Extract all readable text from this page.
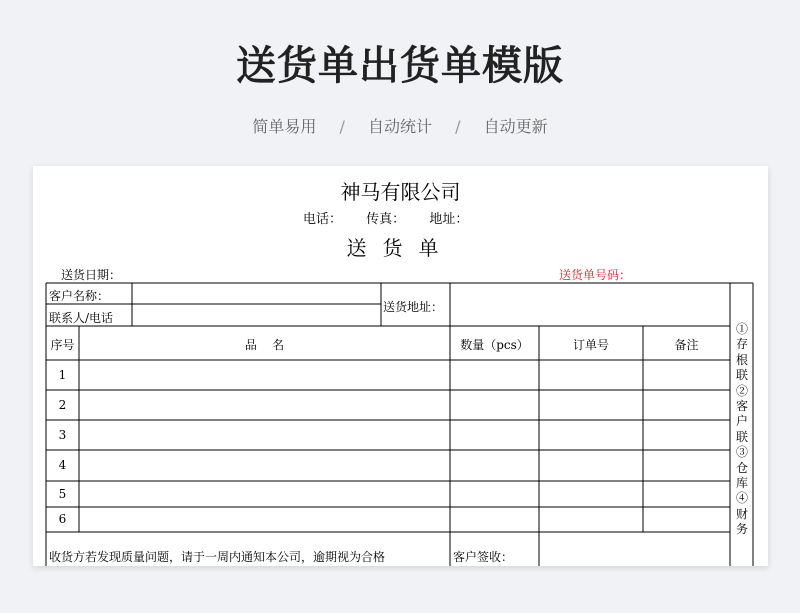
送货单出货单模版
简单易用 / 自动统计 / 自动更新
神马有限公司
电话： 传真： 地址：
送货单
送货日期：	送货单号码：
客户名称：
联系人/电话
送货地址：
序号	品    名	数量（pcs）	订单号	备注
1
2
3
4
5
6
收货方若发现质量问题，请于一周内通知本公司，逾期视为合格	客户签收：
①存根联②客户联③仓库④财务
